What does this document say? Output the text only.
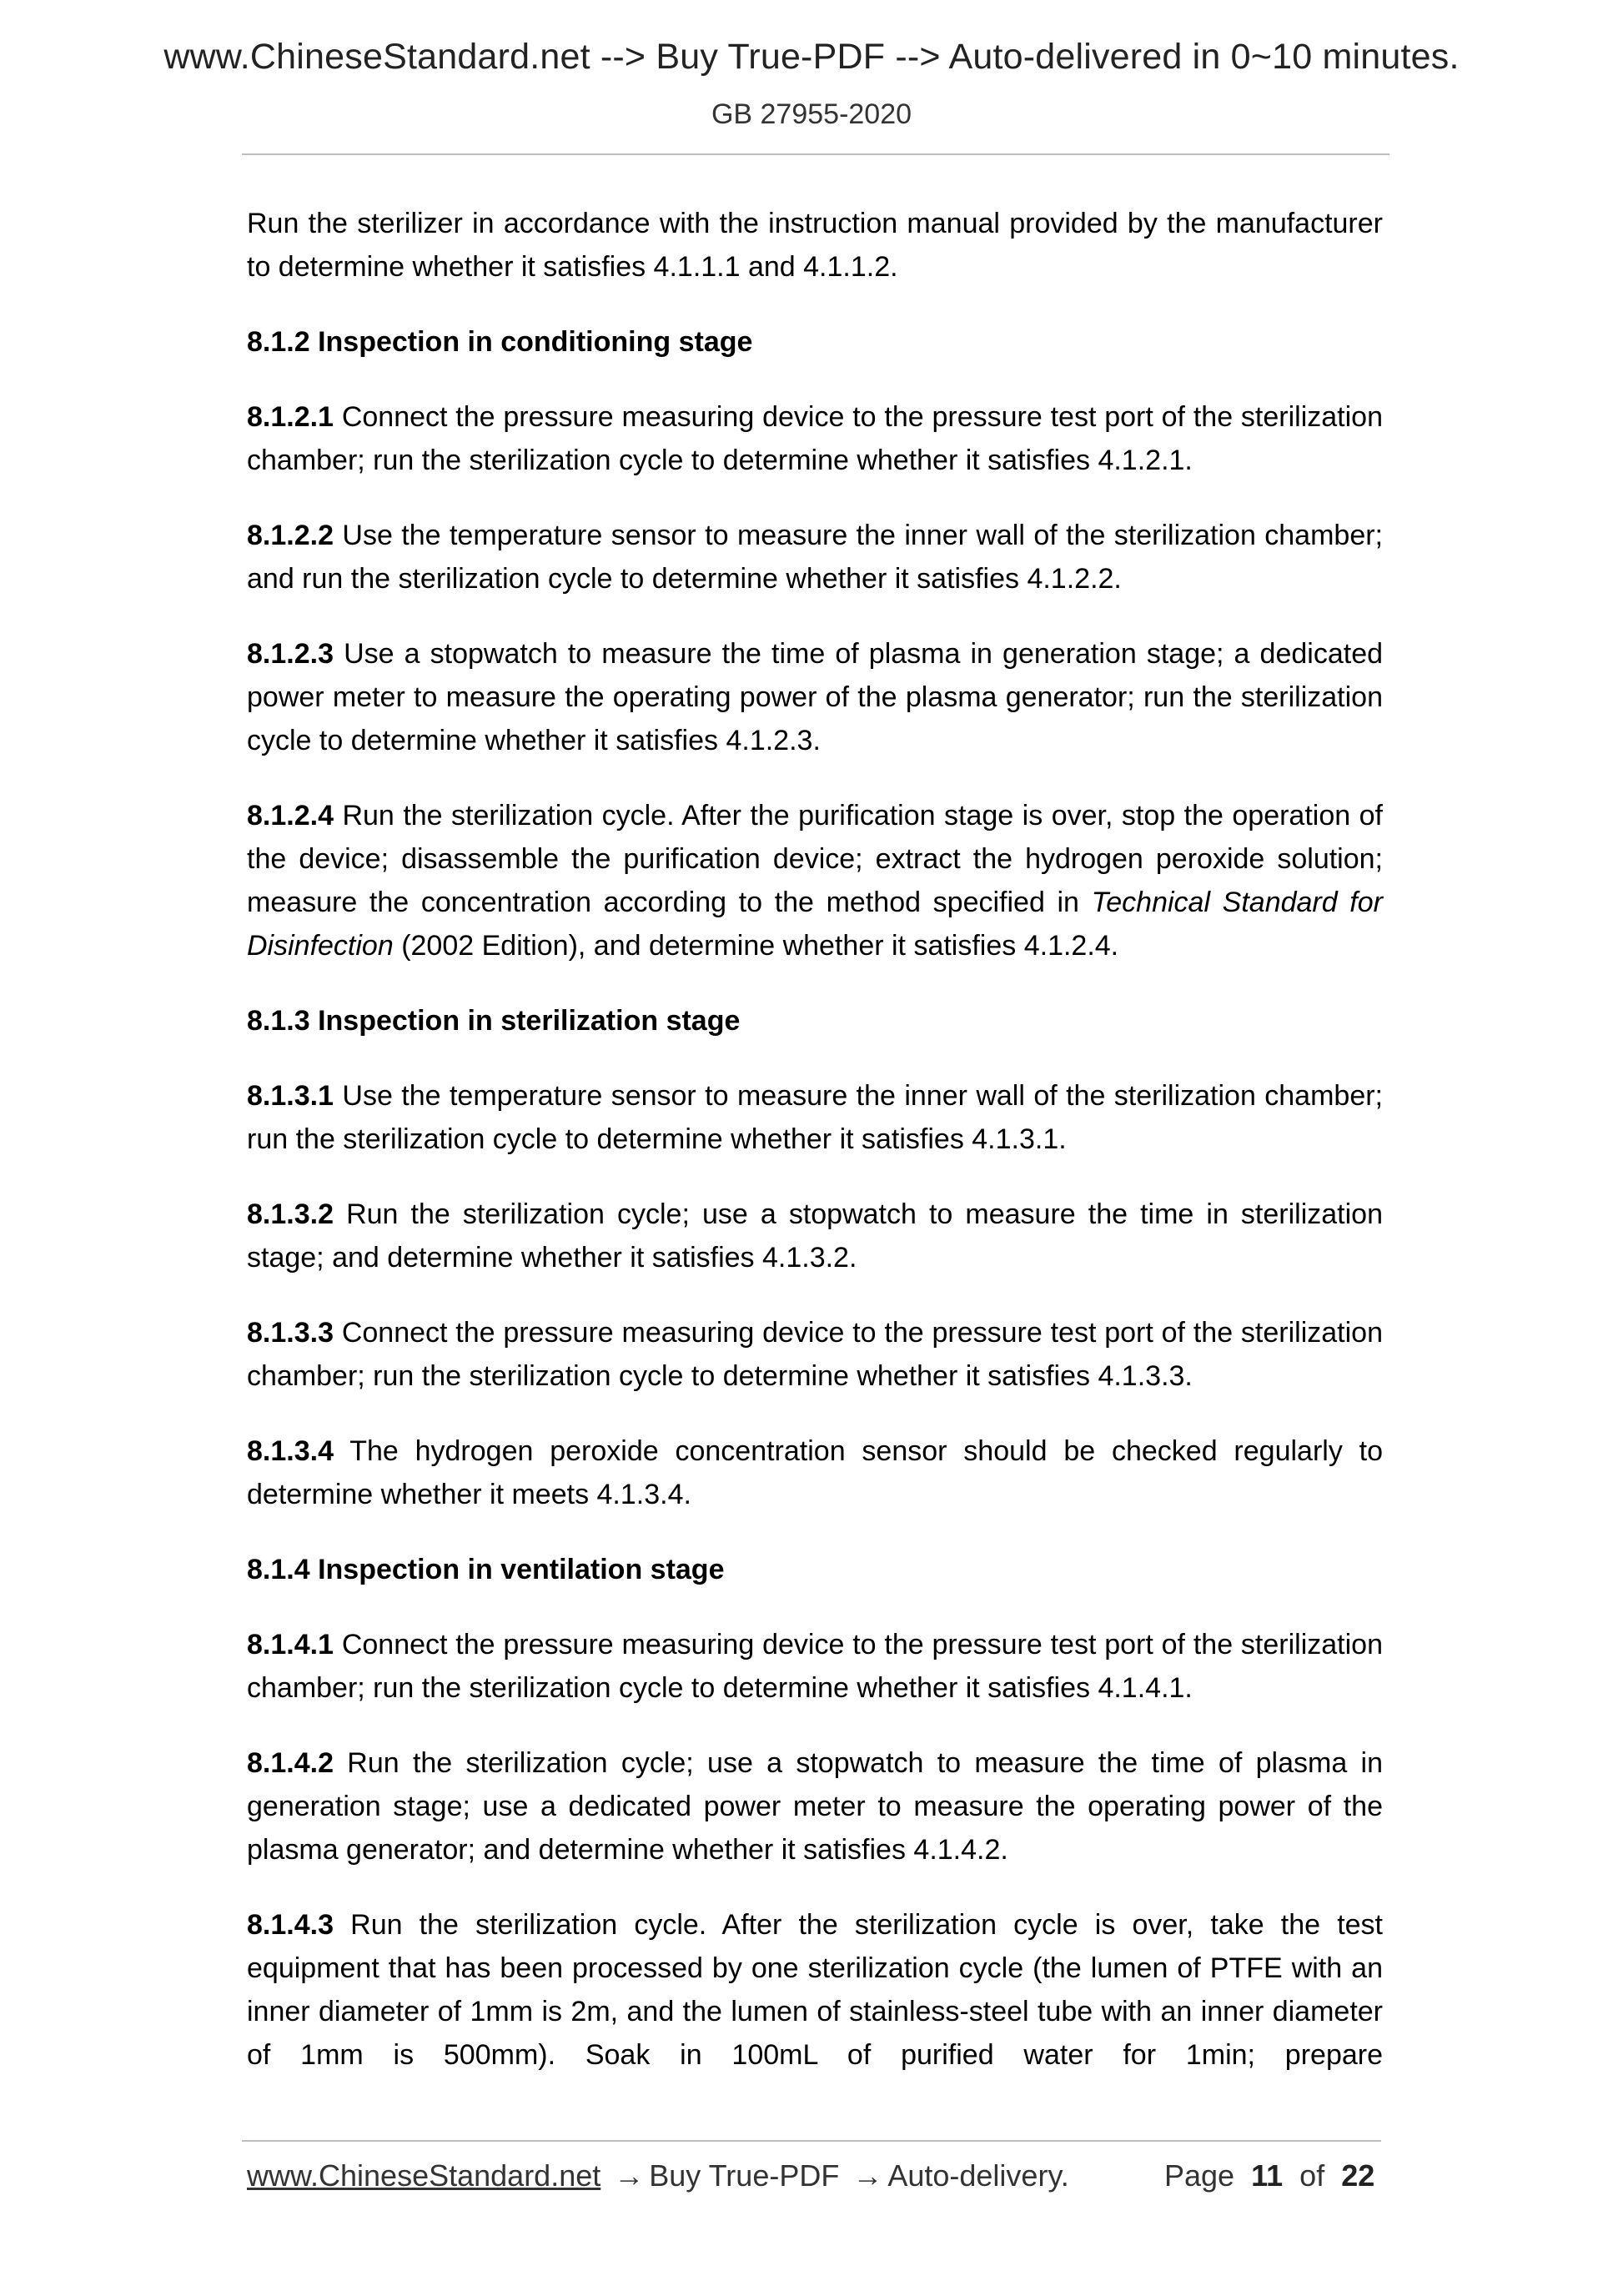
www.ChineseStandard.net --> Buy True-PDF --> Auto-delivered in 0~10 minutes.
GB 27955-2020

Run the sterilizer in accordance with the instruction manual provided by the manufacturer to determine whether it satisfies 4.1.1.1 and 4.1.1.2.

8.1.2 Inspection in conditioning stage

8.1.2.1 Connect the pressure measuring device to the pressure test port of the sterilization chamber; run the sterilization cycle to determine whether it satisfies 4.1.2.1.

8.1.2.2 Use the temperature sensor to measure the inner wall of the sterilization chamber; and run the sterilization cycle to determine whether it satisfies 4.1.2.2.

8.1.2.3 Use a stopwatch to measure the time of plasma in generation stage; a dedicated power meter to measure the operating power of the plasma generator; run the sterilization cycle to determine whether it satisfies 4.1.2.3.

8.1.2.4 Run the sterilization cycle. After the purification stage is over, stop the operation of the device; disassemble the purification device; extract the hydrogen peroxide solution; measure the concentration according to the method specified in Technical Standard for Disinfection (2002 Edition), and determine whether it satisfies 4.1.2.4.

8.1.3 Inspection in sterilization stage

8.1.3.1 Use the temperature sensor to measure the inner wall of the sterilization chamber; run the sterilization cycle to determine whether it satisfies 4.1.3.1.

8.1.3.2 Run the sterilization cycle; use a stopwatch to measure the time in sterilization stage; and determine whether it satisfies 4.1.3.2.

8.1.3.3 Connect the pressure measuring device to the pressure test port of the sterilization chamber; run the sterilization cycle to determine whether it satisfies 4.1.3.3.

8.1.3.4 The hydrogen peroxide concentration sensor should be checked regularly to determine whether it meets 4.1.3.4.

8.1.4 Inspection in ventilation stage

8.1.4.1 Connect the pressure measuring device to the pressure test port of the sterilization chamber; run the sterilization cycle to determine whether it satisfies 4.1.4.1.

8.1.4.2 Run the sterilization cycle; use a stopwatch to measure the time of plasma in generation stage; use a dedicated power meter to measure the operating power of the plasma generator; and determine whether it satisfies 4.1.4.2.

8.1.4.3 Run the sterilization cycle. After the sterilization cycle is over, take the test equipment that has been processed by one sterilization cycle (the lumen of PTFE with an inner diameter of 1mm is 2m, and the lumen of stainless-steel tube with an inner diameter of 1mm is 500mm). Soak in 100mL of purified water for 1min; prepare

www.ChineseStandard.net → Buy True-PDF → Auto-delivery.	Page 11 of 22
